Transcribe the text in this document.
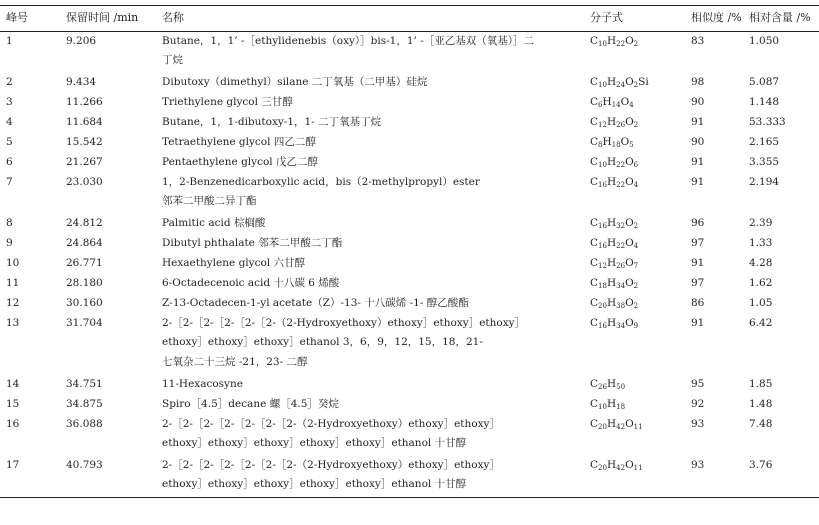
峰号	保留时间 /min	名称	分子式	相似度 /%	相对含量 /%
1	9.206	Butane，1，1’ -［ethylidenebis（oxy）］bis-1，1’ -［亚乙基双（氧基）］二
丁烷	$C_{10}H_{22}O_2$	83	1.050
2	9.434	Dibutoxy（dimethyl）silane 二丁氧基（二甲基）硅烷	$C_{10}H_{24}O_2Si$	98	5.087
3	11.266	Triethylene glycol 三甘醇	$C_6H_{14}O_4$	90	1.148
4	11.684	Butane，1，1-dibutoxy-1，1- 二丁氧基丁烷	$C_{12}H_{26}O_2$	91	53.333
5	15.542	Tetraethylene glycol 四乙二醇	$C_8H_{18}O_5$	90	2.165
6	21.267	Pentaethylene glycol 戊乙二醇	$C_{10}H_{22}O_6$	91	3.355
7	23.030	1，2-Benzenedicarboxylic acid，bis（2-methylpropyl）ester
邻苯二甲酸二异丁酯	$C_{16}H_{22}O_4$	91	2.194
8	24.812	Palmitic acid 棕榈酸	$C_{16}H_{32}O_2$	96	2.39
9	24.864	Dibutyl phthalate 邻苯二甲酸二丁酯	$C_{16}H_{22}O_4$	97	1.33
10	26.771	Hexaethylene glycol 六甘醇	$C_{12}H_{26}O_7$	91	4.28
11	28.180	6-Octadecenoic acid 十八碳 6 烯酸	$C_{18}H_{34}O_2$	97	1.62
12	30.160	Z-13-Octadecen-1-yl acetate（Z）-13- 十八碳烯 -1- 醇乙酸酯	$C_{20}H_{38}O_2$	86	1.05
13	31.704	2-［2-［2-［2-［2-［2-（2-Hydroxyethoxy）ethoxy］ethoxy］ethoxy］
ethoxy］ethoxy］ethoxy］ethanol 3，6，9，12，15，18，21-
七氧杂二十三烷 -21，23- 二醇	$C_{16}H_{34}O_9$	91	6.42
14	34.751	11-Hexacosyne	$C_{26}H_{50}$	95	1.85
15	34.875	Spiro［4.5］decane 螺［4.5］癸烷	$C_{10}H_{18}$	92	1.48
16	36.088	2-［2-［2-［2-［2-［2-［2-（2-Hydroxyethoxy）ethoxy］ethoxy］
ethoxy］ethoxy］ethoxy］ethoxy］ethoxy］ethanol 十甘醇	$C_{20}H_{42}O_{11}$	93	7.48
17	40.793	2-［2-［2-［2-［2-［2-［2-（2-Hydroxyethoxy）ethoxy］ethoxy］
ethoxy］ethoxy］ethoxy］ethoxy］ethoxy］ethanol 十甘醇	$C_{20}H_{42}O_{11}$	93	3.76
